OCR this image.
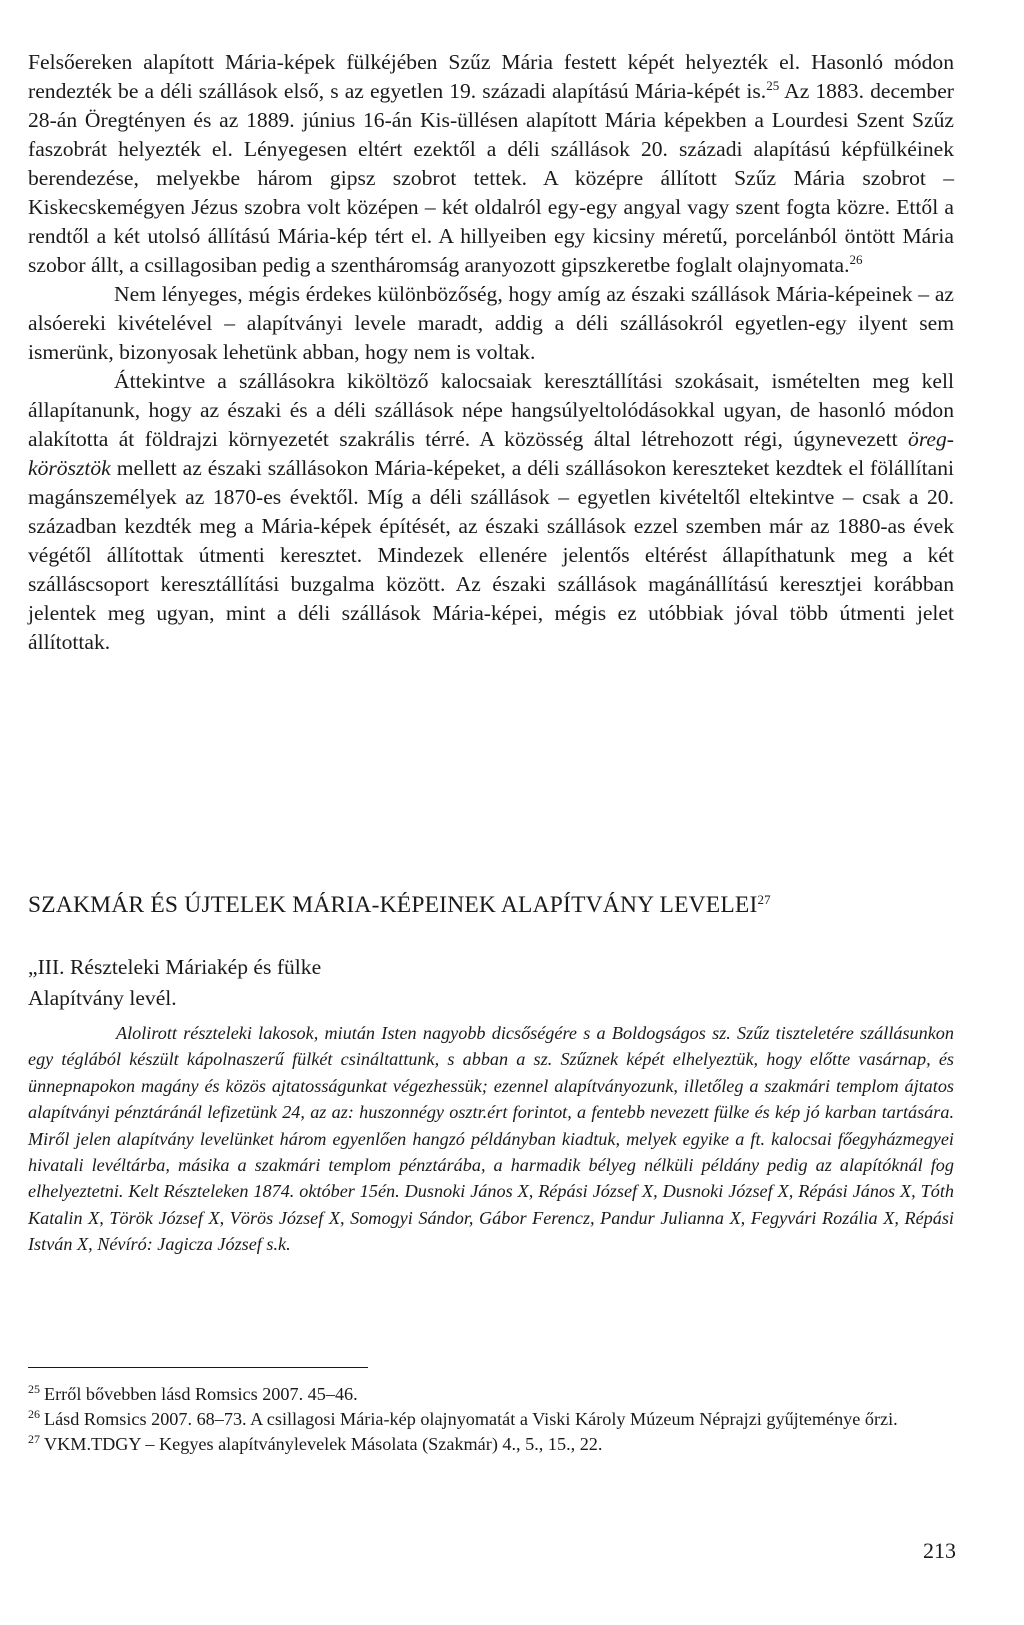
Felsőereken alapított Mária-képek fülkéjében Szűz Mária festett képét helyezték el. Hasonló módon rendezték be a déli szállások első, s az egyetlen 19. századi alapítású Mária-képét is.$^{25}$ Az 1883. december 28-án Öregtényen és az 1889. június 16-án Kis-üllésen alapított Mária képekben a Lourdesi Szent Szűz faszobrát helyezték el. Lényegesen eltért ezektől a déli szállások 20. századi alapítású képfülkéinek berendezése, melyekbe három gipsz szobrot tettek. A középre állított Szűz Mária szobrot – Kiskecskemégyen Jézus szobra volt középen – két oldalról egy-egy angyal vagy szent fogta közre. Ettől a rendtől a két utolsó állítású Mária-kép tért el. A hillyeiben egy kicsiny méretű, porcelánból öntött Mária szobor állt, a csillagosiban pedig a szentháromság aranyozott gipszkeretbe foglalt olajnyomata.$^{26}$

Nem lényeges, mégis érdekes különbözőség, hogy amíg az északi szállások Mária-képeinek – az alsóereki kivételével – alapítványi levele maradt, addig a déli szállásokról egyetlen-egy ilyent sem ismerünk, bizonyosak lehetünk abban, hogy nem is voltak.

Áttekintve a szállásokra kiköltöző kalocsaiak keresztállítási szokásait, ismételten meg kell állapítanunk, hogy az északi és a déli szállások népe hangsúlyeltolódásokkal ugyan, de hasonló módon alakította át földrajzi környezetét szakrális térré. A közösség által létrehozott régi, úgynevezett öreg-körösztök mellett az északi szállásokon Mária-képeket, a déli szállásokon kereszteket kezdtek el fölállítani magánszemélyek az 1870-es évektől. Míg a déli szállások – egyetlen kivételtől eltekintve – csak a 20. században kezdték meg a Mária-képek építését, az északi szállások ezzel szemben már az 1880-as évek végétől állítottak útmenti keresztet. Mindezek ellenére jelentős eltérést állapíthatunk meg a két szálláscsoport keresztállítási buzgalma között. Az északi szállások magánállítású keresztjei korábban jelentek meg ugyan, mint a déli szállások Mária-képei, mégis ez utóbbiak jóval több útmenti jelet állítottak.

SZAKMÁR ÉS ÚJTELEK MÁRIA-KÉPEINEK ALAPÍTVÁNY LEVELEI$^{27}$
„III. Részteleki Máriakép és fülke
Alapítvány levél.

Alolirott részteleki lakosok, miután Isten nagyobb dicsőségére s a Boldogságos sz. Szűz tiszteletére szállásunkon egy téglából készült kápolnaszerű fülkét csináltattunk, s abban a sz. Szűznek képét elhelyeztük, hogy előtte vasárnap, és ünnepnapokon magány és közös ajtatosságunkat végezhessük; ezennel alapítványozunk, illetőleg a szakmári templom ájtatos alapítványi pénztáránál lefizetünk 24, az az: huszonnégy osztr.ért forintot, a fentebb nevezett fülke és kép jó karban tartására. Miről jelen alapítvány levelünket három egyenlően hangzó példányban kiadtuk, melyek egyike a ft. kalocsai főegyházmegyei hivatali levéltárba, másika a szakmári templom pénztárába, a harmadik bélyeg nélküli példány pedig az alapítóknál fog elhelyeztetni. Kelt Részteleken 1874. október 15én. Dusnoki János X, Répási József X, Dusnoki József X, Répási János X, Tóth Katalin X, Török József X, Vörös József X, Somogyi Sándor, Gábor Ferencz, Pandur Julianna X, Fegyvári Rozália X, Répási István X, Névíró: Jagicza József s.k.

$^{25}$ Erről bővebben lásd Romsics 2007. 45–46.

$^{26}$ Lásd Romsics 2007. 68–73. A csillagosi Mária-kép olajnyomatát a Viski Károly Múzeum Néprajzi gyűjteménye őrzi.

$^{27}$ VKM.TDGY – Kegyes alapítványlevelek Másolata (Szakmár) 4., 5., 15., 22.

213
